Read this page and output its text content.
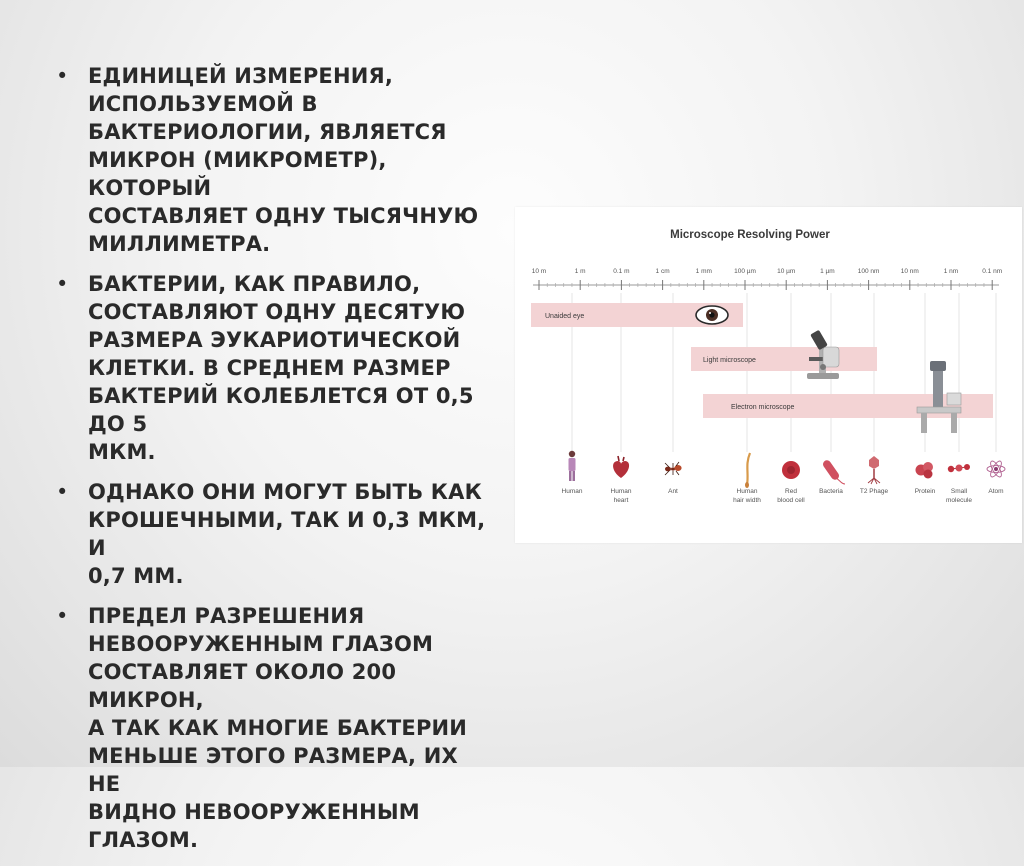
• ЕДИНИЦЕЙ ИЗМЕРЕНИЯ,
ИСПОЛЬЗУЕМОЙ В
БАКТЕРИОЛОГИИ, ЯВЛЯЕТСЯ
МИКРОН (МИКРОМЕТР), КОТОРЫЙ
СОСТАВЛЯЕТ ОДНУ ТЫСЯЧНУЮ
МИЛЛИМЕТРА.
• БАКТЕРИИ, КАК ПРАВИЛО,
СОСТАВЛЯЮТ ОДНУ ДЕСЯТУЮ
РАЗМЕРА ЭУКАРИОТИЧЕСКОЙ
КЛЕТКИ. В СРЕДНЕМ РАЗМЕР
БАКТЕРИЙ КОЛЕБЛЕТСЯ ОТ 0,5 ДО 5
МКМ.
• ОДНАКО ОНИ МОГУТ БЫТЬ КАК
КРОШЕЧНЫМИ, ТАК И 0,3 МКМ, И
0,7 ММ.
• ПРЕДЕЛ РАЗРЕШЕНИЯ
НЕВООРУЖЕННЫМ ГЛАЗОМ
СОСТАВЛЯЕТ ОКОЛО 200 МИКРОН,
А ТАК КАК МНОГИЕ БАКТЕРИИ
МЕНЬШЕ ЭТОГО РАЗМЕРА, ИХ НЕ
ВИДНО НЕВООРУЖЕННЫМ
ГЛАЗОМ.
Microscope Resolving Power
10 m	1 m	0.1 m	1 cm	1 mm	100 µm	10 µm	1 µm	100 nm	10 nm	1 nm	0.1 nm
Unaided eye
Light microscope
Electron microscope
Human	Human
heart
Ant	Human
hair width
Red
blood cell
Bacteria	T2 Phage	Protein Small
molecule
Atom
